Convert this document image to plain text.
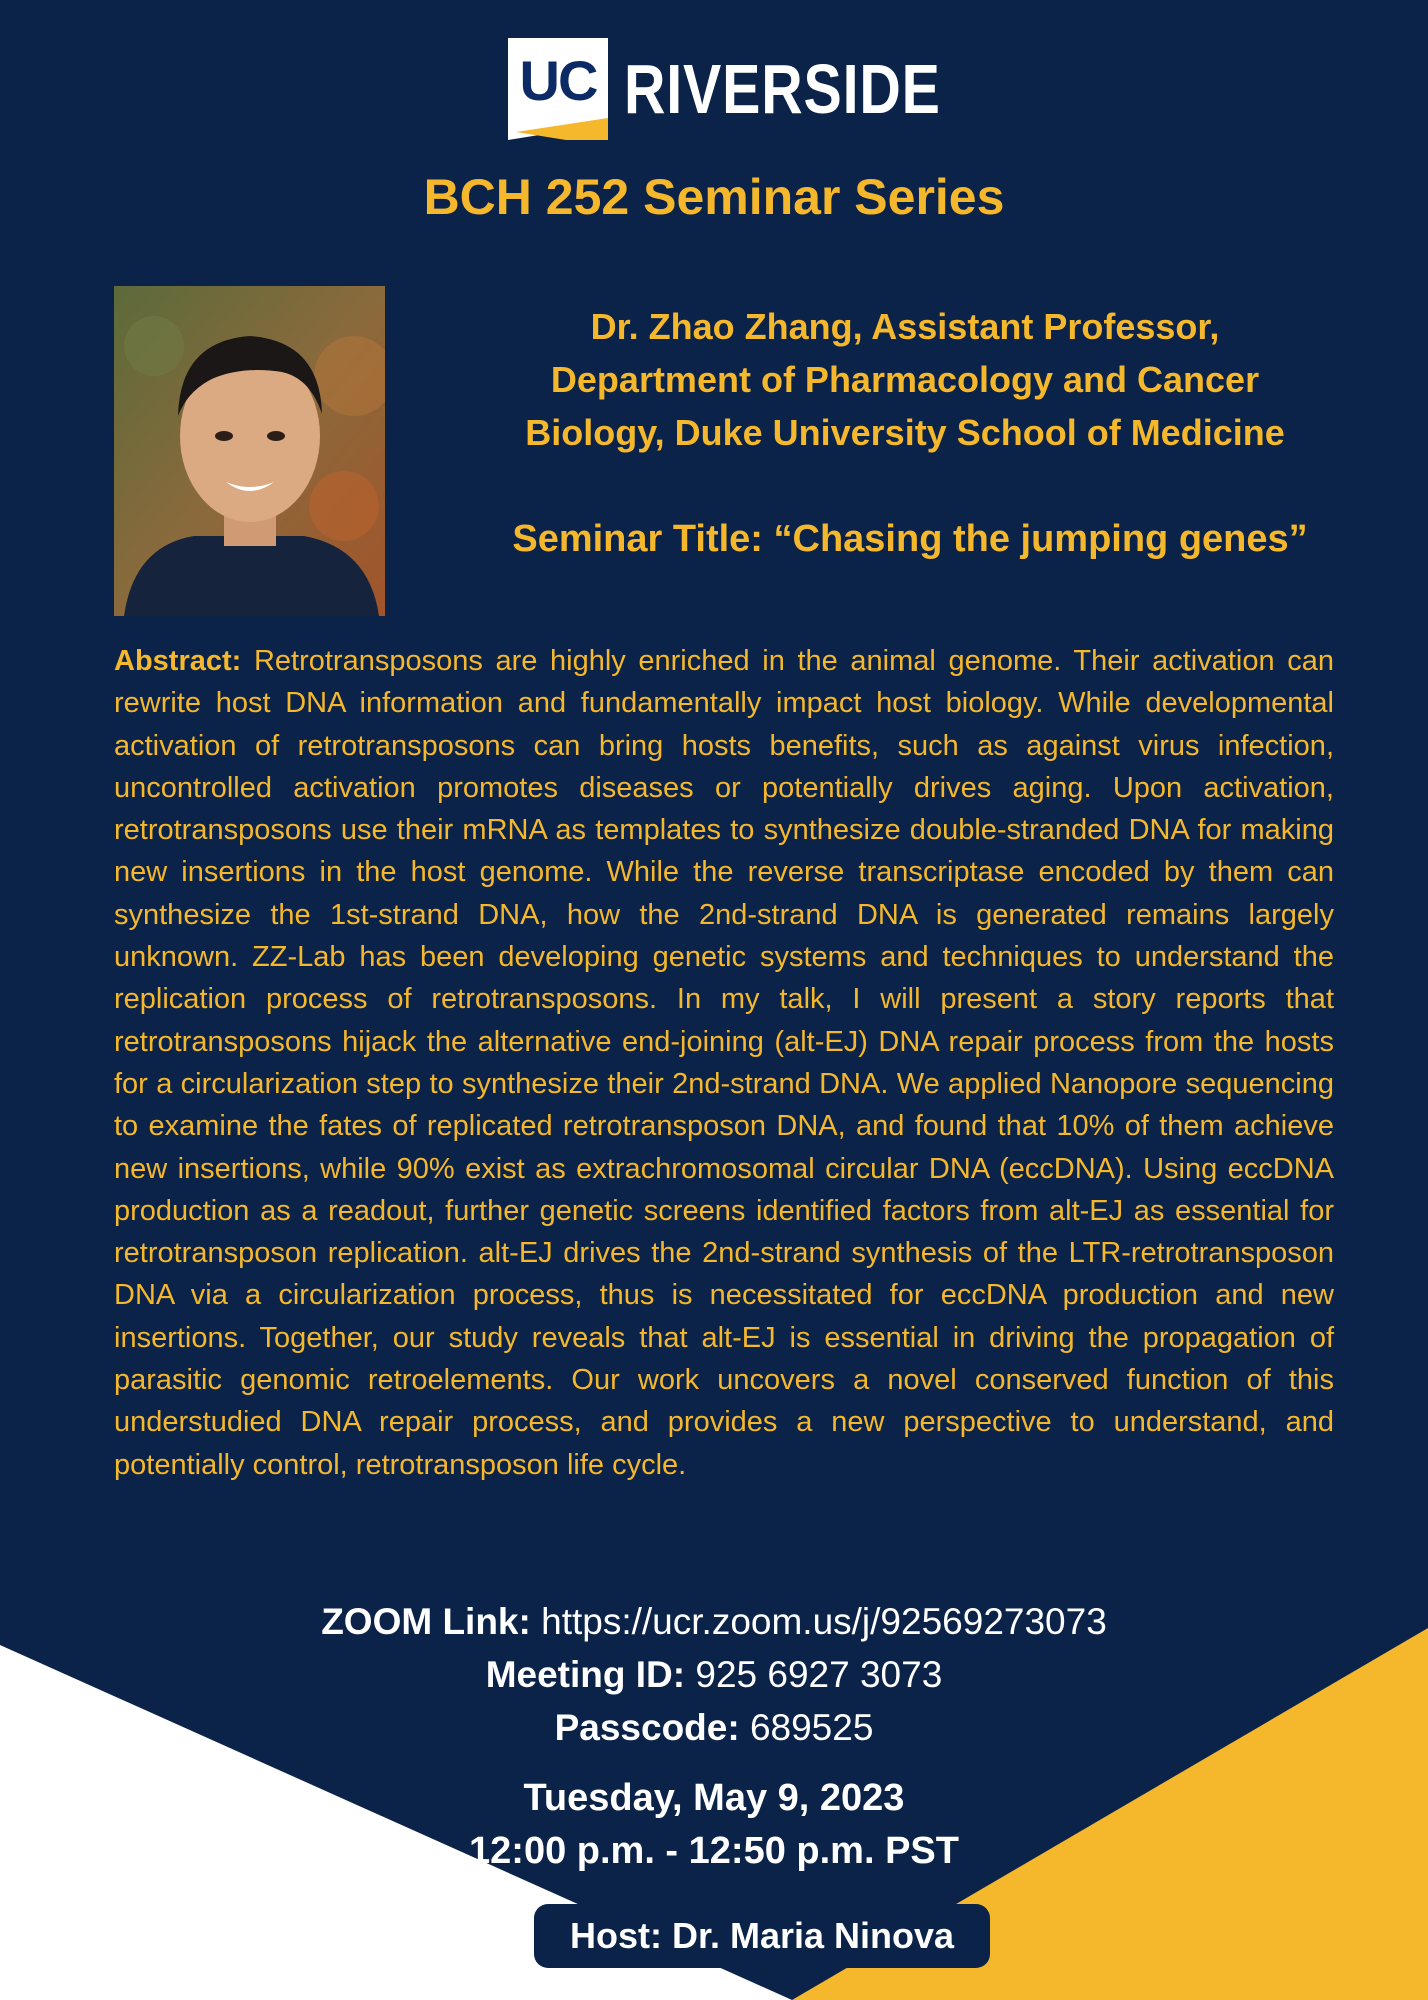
UC RIVERSIDE
BCH 252 Seminar Series
Dr. Zhao Zhang, Assistant Professor,
Department of Pharmacology and Cancer
Biology, Duke University School of Medicine
Seminar Title: “Chasing the jumping genes”

Abstract: Retrotransposons are highly enriched in the animal genome. Their activation can rewrite host DNA information and fundamentally impact host biology. While developmental activation of retrotransposons can bring hosts benefits, such as against virus infection, uncontrolled activation promotes diseases or potentially drives aging. Upon activation, retrotransposons use their mRNA as templates to synthesize double-stranded DNA for making new insertions in the host genome. While the reverse transcriptase encoded by them can synthesize the 1st-strand DNA, how the 2nd-strand DNA is generated remains largely unknown. ZZ-Lab has been developing genetic systems and techniques to understand the replication process of retrotransposons. In my talk, I will present a story reports that retrotransposons hijack the alternative end-joining (alt-EJ) DNA repair process from the hosts for a circularization step to synthesize their 2nd-strand DNA. We applied Nanopore sequencing to examine the fates of replicated retrotransposon DNA, and found that 10% of them achieve new insertions, while 90% exist as extrachromosomal circular DNA (eccDNA). Using eccDNA production as a readout, further genetic screens identified factors from alt-EJ as essential for retrotransposon replication. alt-EJ drives the 2nd-strand synthesis of the LTR-retrotransposon DNA via a circularization process, thus is necessitated for eccDNA production and new insertions. Together, our study reveals that alt-EJ is essential in driving the propagation of parasitic genomic retroelements. Our work uncovers a novel conserved function of this understudied DNA repair process, and provides a new perspective to understand, and potentially control, retrotransposon life cycle.

ZOOM Link: https://ucr.zoom.us/j/92569273073
Meeting ID: 925 6927 3073
Passcode: 689525
Tuesday, May 9, 2023
12:00 p.m. - 12:50 p.m. PST
Host: Dr. Maria Ninova
